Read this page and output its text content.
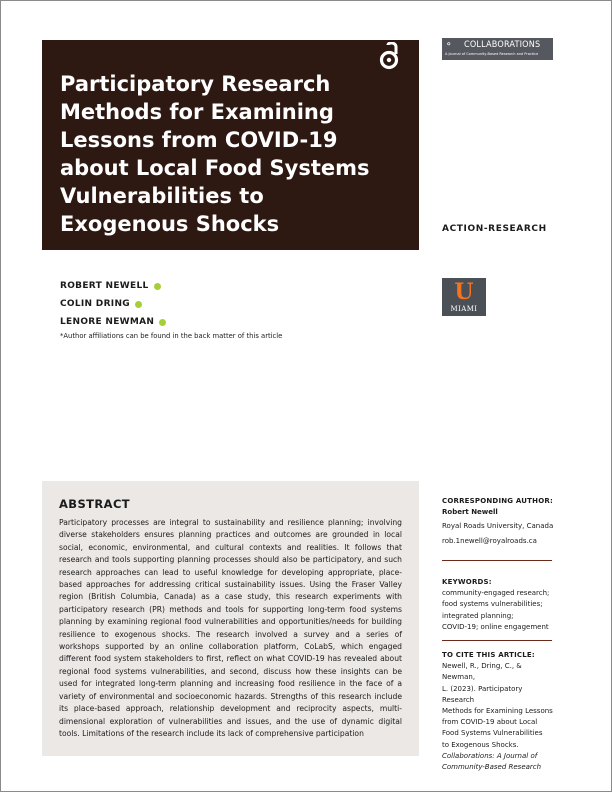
Participatory Research Methods for Examining Lessons from COVID-19 about Local Food Systems Vulnerabilities to Exogenous Shocks
⚬ COLLABORATIONS
A Journal of Community-Based Research and Practice
ACTION-RESEARCH
U
MIAMI
ROBERT NEWELL
COLIN DRING
LENORE NEWMAN
*Author affiliations can be found in the back matter of this article
ABSTRACT

Participatory processes are integral to sustainability and resilience planning; involving diverse stakeholders ensures planning practices and outcomes are grounded in local social, economic, environmental, and cultural contexts and realities. It follows that research and tools supporting planning processes should also be participatory, and such research approaches can lead to useful knowledge for developing appropriate, place-based approaches for addressing critical sustainability issues. Using the Fraser Valley region (British Columbia, Canada) as a case study, this research experiments with participatory research (PR) methods and tools for supporting long-term food systems planning by examining regional food vulnerabilities and opportunities/needs for building resilience to exogenous shocks. The research involved a survey and a series of workshops supported by an online collaboration platform, CoLabS, which engaged different food system stakeholders to first, reflect on what COVID-19 has revealed about regional food systems vulnerabilities, and second, discuss how these insights can be used for integrated long-term planning and increasing food resilience in the face of a variety of environmental and socioeconomic hazards. Strengths of this research include its place-based approach, relationship development and reciprocity aspects, multi-dimensional exploration of vulnerabilities and issues, and the use of dynamic digital tools. Limitations of the research include its lack of comprehensive participation

CORRESPONDING AUTHOR:
Robert Newell
Royal Roads University, Canada
rob.1newell@royalroads.ca
KEYWORDS:
community-engaged research;
food systems vulnerabilities;
integrated planning;
COVID-19; online engagement
TO CITE THIS ARTICLE:
Newell, R., Dring, C., & Newman,
L. (2023). Participatory Research
Methods for Examining Lessons
from COVID-19 about Local
Food Systems Vulnerabilities
to Exogenous Shocks.
Collaborations: A Journal of
Community-Based Research
